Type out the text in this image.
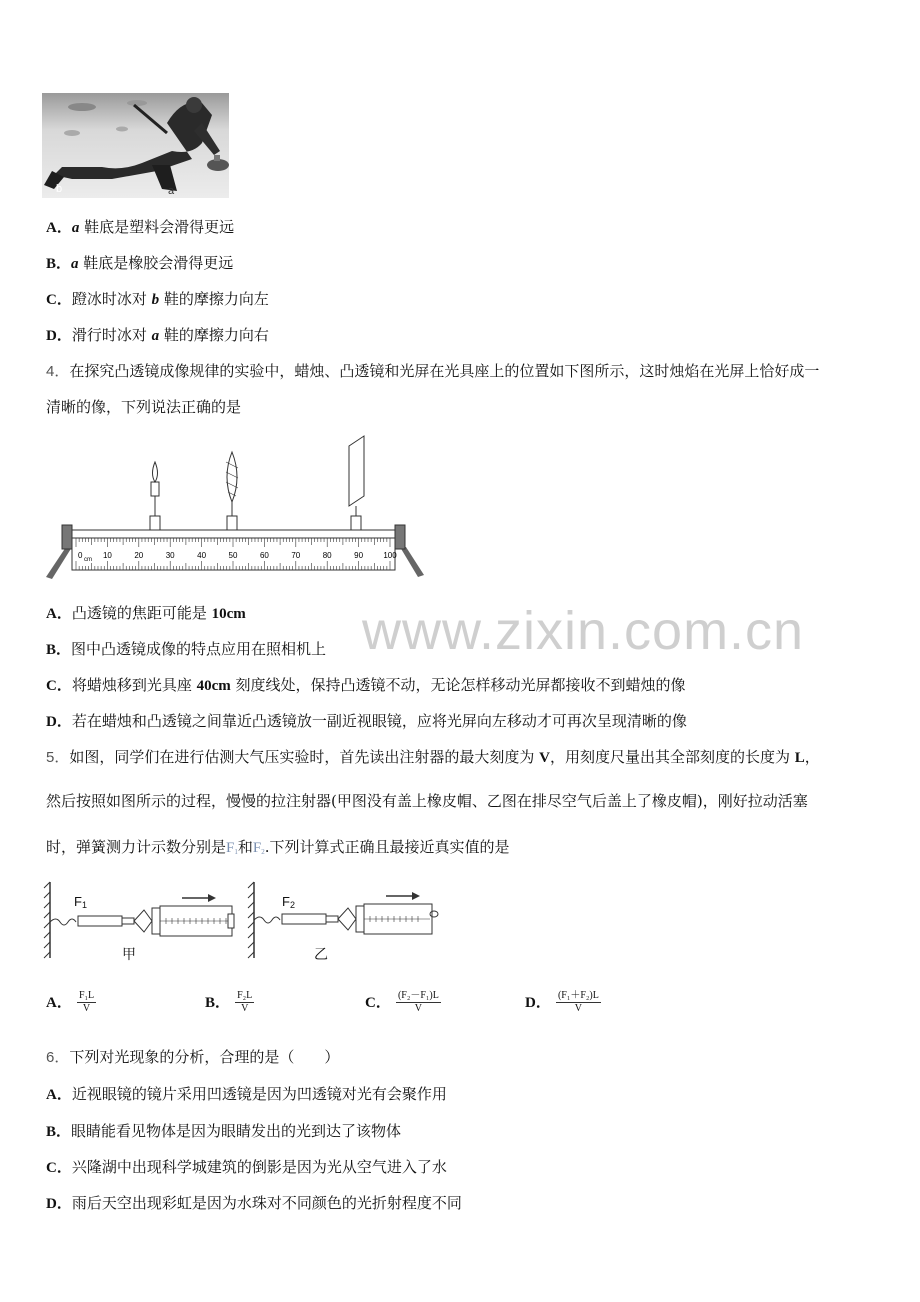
www.zixin.com.cn
b	a
A．a 鞋底是塑料会滑得更远
B．a 鞋底是橡胶会滑得更远
C．蹬冰时冰对 b 鞋的摩擦力向左
D．滑行时冰对 a 鞋的摩擦力向右
4．在探究凸透镜成像规律的实验中，蜡烛、凸透镜和光屏在光具座上的位置如下图所示，这时烛焰在光屏上恰好成一
清晰的像，下列说法正确的是
0	10	20	30	40	50	60	70	80	90	100
cm
A．凸透镜的焦距可能是 10cm
B．图中凸透镜成像的特点应用在照相机上
C．将蜡烛移到光具座 40cm 刻度线处，保持凸透镜不动，无论怎样移动光屏都接收不到蜡烛的像
D．若在蜡烛和凸透镜之间靠近凸透镜放一副近视眼镜，应将光屏向左移动才可再次呈现清晰的像
5．如图，同学们在进行估测大气压实验时，首先读出注射器的最大刻度为 V，用刻度尺量出其全部刻度的长度为 L，
然后按照如图所示的过程，慢慢的拉注射器(甲图没有盖上橡皮帽、乙图在排尽空气后盖上了橡皮帽)，刚好拉动活塞
时，弹簧测力计示数分别是$F_1$和$F_2$.下列计算式正确且最接近真实值的是
F1
甲
F2
乙
A． $\frac{\text{F₁L}}{V}$	B． $\frac{\text{F₂L}}{V}$	C． $\frac{\text{(F₂－F₁)L}}{V}$	D． $\frac{\text{(F₁＋F₂)L}}{V}$
6．下列对光现象的分析，合理的是（　　）
A．近视眼镜的镜片采用凹透镜是因为凹透镜对光有会聚作用
B．眼睛能看见物体是因为眼睛发出的光到达了该物体
C．兴隆湖中出现科学城建筑的倒影是因为光从空气进入了水
D．雨后天空出现彩虹是因为水珠对不同颜色的光折射程度不同
